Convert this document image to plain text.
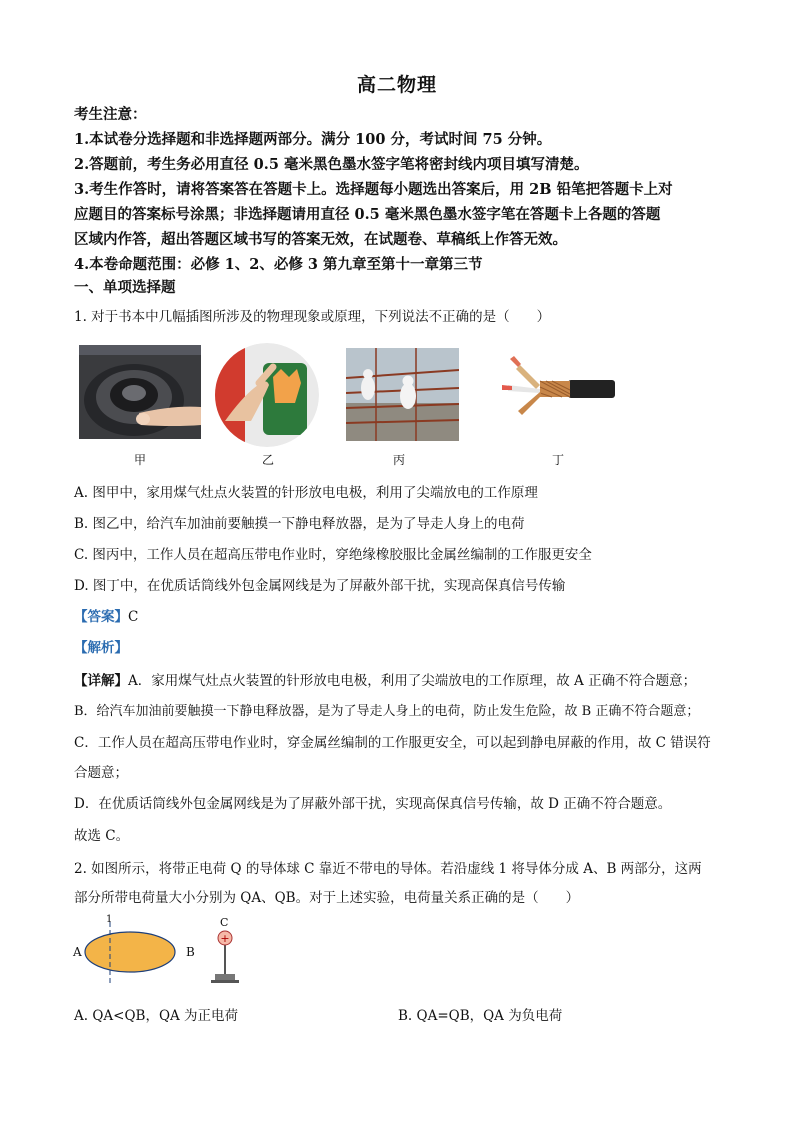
高二物理
考生注意：
1.本试卷分选择题和非选择题两部分。满分 100 分，考试时间 75 分钟。
2.答题前，考生务必用直径 0.5 毫米黑色墨水签字笔将密封线内项目填写清楚。
3.考生作答时，请将答案答在答题卡上。选择题每小题选出答案后，用 2B 铅笔把答题卡上对
应题目的答案标号涂黑；非选择题请用直径 0.5 毫米黑色墨水签字笔在答题卡上各题的答题
区域内作答，超出答题区域书写的答案无效，在试题卷、草稿纸上作答无效。
4.本卷命题范围：必修 1、2、必修 3 第九章至第十一章第三节
一、单项选择题
1. 对于书本中几幅插图所涉及的物理现象或原理，下列说法不正确的是（　　）
甲	乙	丙	丁
A. 图甲中，家用煤气灶点火装置的针形放电电极，利用了尖端放电的工作原理
B. 图乙中，给汽车加油前要触摸一下静电释放器，是为了导走人身上的电荷
C. 图丙中，工作人员在超高压带电作业时，穿绝缘橡胶服比金属丝编制的工作服更安全
D. 图丁中，在优质话筒线外包金属网线是为了屏蔽外部干扰，实现高保真信号传输
【答案】C
【解析】
【详解】A．家用煤气灶点火装置的针形放电电极，利用了尖端放电的工作原理，故 A 正确不符合题意；
B．给汽车加油前要触摸一下静电释放器，是为了导走人身上的电荷，防止发生危险，故 B 正确不符合题意；
C．工作人员在超高压带电作业时，穿金属丝编制的工作服更安全，可以起到静电屏蔽的作用，故 C 错误符
合题意；
D．在优质话筒线外包金属网线是为了屏蔽外部干扰，实现高保真信号传输，故 D 正确不符合题意。
故选 C。
2. 如图所示，将带正电荷 Q 的导体球 C 靠近不带电的导体。若沿虚线 1 将导体分成 A、B 两部分，这两
部分所带电荷量大小分别为 QA、QB。对于上述实验，电荷量关系正确的是（　　）
+
C
1
A	B
A. QA<QB，QA 为正电荷	B. QA=QB，QA 为负电荷
